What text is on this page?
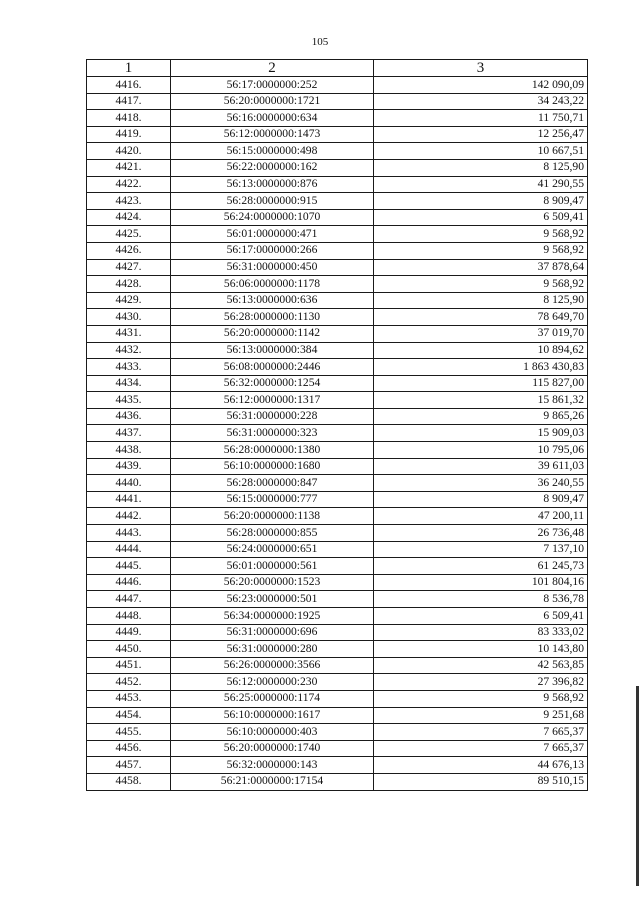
105
1	2	3
4416.	56:17:0000000:252	142 090,09
4417.	56:20:0000000:1721	34 243,22
4418.	56:16:0000000:634	11 750,71
4419.	56:12:0000000:1473	12 256,47
4420.	56:15:0000000:498	10 667,51
4421.	56:22:0000000:162	8 125,90
4422.	56:13:0000000:876	41 290,55
4423.	56:28:0000000:915	8 909,47
4424.	56:24:0000000:1070	6 509,41
4425.	56:01:0000000:471	9 568,92
4426.	56:17:0000000:266	9 568,92
4427.	56:31:0000000:450	37 878,64
4428.	56:06:0000000:1178	9 568,92
4429.	56:13:0000000:636	8 125,90
4430.	56:28:0000000:1130	78 649,70
4431.	56:20:0000000:1142	37 019,70
4432.	56:13:0000000:384	10 894,62
4433.	56:08:0000000:2446	1 863 430,83
4434.	56:32:0000000:1254	115 827,00
4435.	56:12:0000000:1317	15 861,32
4436.	56:31:0000000:228	9 865,26
4437.	56:31:0000000:323	15 909,03
4438.	56:28:0000000:1380	10 795,06
4439.	56:10:0000000:1680	39 611,03
4440.	56:28:0000000:847	36 240,55
4441.	56:15:0000000:777	8 909,47
4442.	56:20:0000000:1138	47 200,11
4443.	56:28:0000000:855	26 736,48
4444.	56:24:0000000:651	7 137,10
4445.	56:01:0000000:561	61 245,73
4446.	56:20:0000000:1523	101 804,16
4447.	56:23:0000000:501	8 536,78
4448.	56:34:0000000:1925	6 509,41
4449.	56:31:0000000:696	83 333,02
4450.	56:31:0000000:280	10 143,80
4451.	56:26:0000000:3566	42 563,85
4452.	56:12:0000000:230	27 396,82
4453.	56:25:0000000:1174	9 568,92
4454.	56:10:0000000:1617	9 251,68
4455.	56:10:0000000:403	7 665,37
4456.	56:20:0000000:1740	7 665,37
4457.	56:32:0000000:143	44 676,13
4458.	56:21:0000000:17154	89 510,15
